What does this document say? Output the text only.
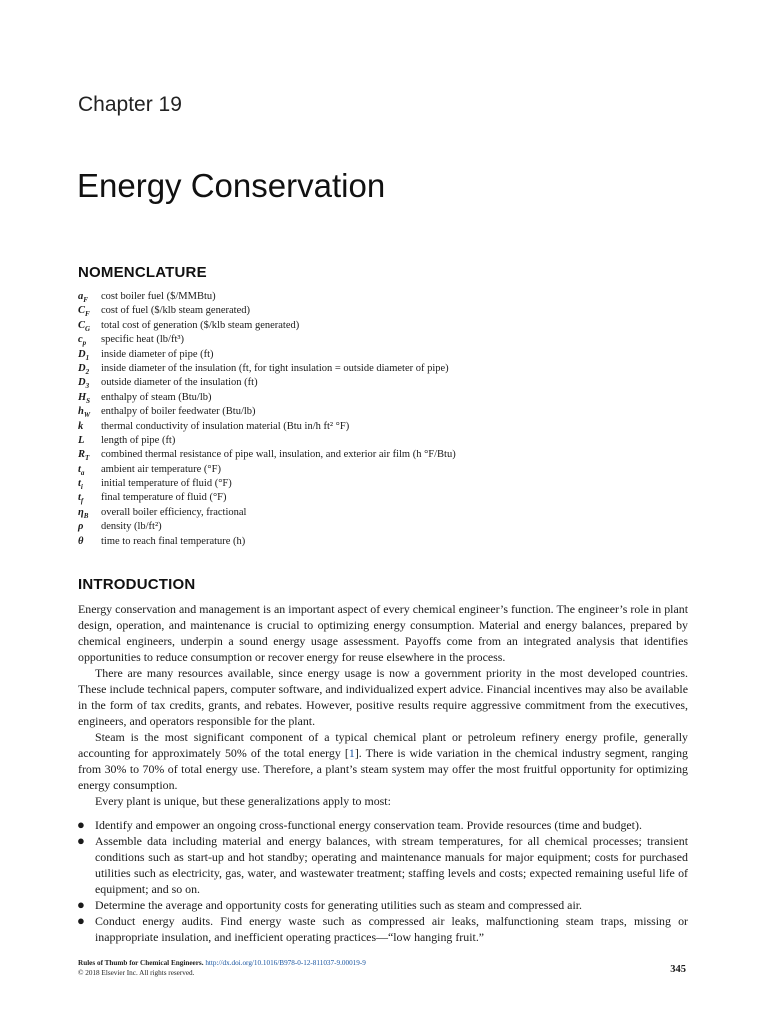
Chapter 19
Energy Conservation
NOMENCLATURE
$a_F$	cost boiler fuel ($/MMBtu)
$C_F$	cost of fuel ($/klb steam generated)
$C_G$	total cost of generation ($/klb steam generated)
$c_p$	specific heat (lb/ft³)
$D_1$	inside diameter of pipe (ft)
$D_2$	inside diameter of the insulation (ft, for tight insulation = outside diameter of pipe)
$D_3$	outside diameter of the insulation (ft)
$H_S$	enthalpy of steam (Btu/lb)
$h_W$	enthalpy of boiler feedwater (Btu/lb)
k	thermal conductivity of insulation material (Btu in/h ft² °F)
L	length of pipe (ft)
$R_T$	combined thermal resistance of pipe wall, insulation, and exterior air film (h °F/Btu)
$t_a$	ambient air temperature (°F)
$t_i$	initial temperature of fluid (°F)
$t_f$	final temperature of fluid (°F)
$\eta_B$	overall boiler efficiency, fractional
ρ	density (lb/ft²)
θ	time to reach final temperature (h)
INTRODUCTION

Energy conservation and management is an important aspect of every chemical engineer’s function. The engineer’s role in plant design, operation, and maintenance is crucial to optimizing energy consumption. Material and energy balances, prepared by chemical engineers, underpin a sound energy usage assessment. Payoffs come from an integrated analysis that identifies opportunities to reduce consumption or recover energy for reuse elsewhere in the process.

There are many resources available, since energy usage is now a government priority in the most developed countries. These include technical papers, computer software, and individualized expert advice. Financial incentives may also be available in the form of tax credits, grants, and rebates. However, positive results require aggressive commitment from the executives, engineers, and operators responsible for the plant.

Steam is the most significant component of a typical chemical plant or petroleum refinery energy profile, generally accounting for approximately 50% of the total energy [1]. There is wide variation in the chemical industry segment, ranging from 30% to 70% of total energy use. Therefore, a plant’s steam system may offer the most fruitful opportunity for optimizing energy consumption.

Every plant is unique, but these generalizations apply to most:

● Identify and empower an ongoing cross-functional energy conservation team. Provide resources (time and budget).
● Assemble data including material and energy balances, with stream temperatures, for all chemical processes; transient conditions such as start-up and hot standby; operating and maintenance manuals for major equipment; costs for purchased utilities such as electricity, gas, water, and wastewater treatment; staffing levels and costs; expected remaining useful life of equipment; and so on.
● Determine the average and opportunity costs for generating utilities such as steam and compressed air.
● Conduct energy audits. Find energy waste such as compressed air leaks, malfunctioning steam traps, missing or inappropriate insulation, and inefficient operating practices—“low hanging fruit.”
Rules of Thumb for Chemical Engineers. http://dx.doi.org/10.1016/B978-0-12-811037-9.00019-9
© 2018 Elsevier Inc. All rights reserved.	345
